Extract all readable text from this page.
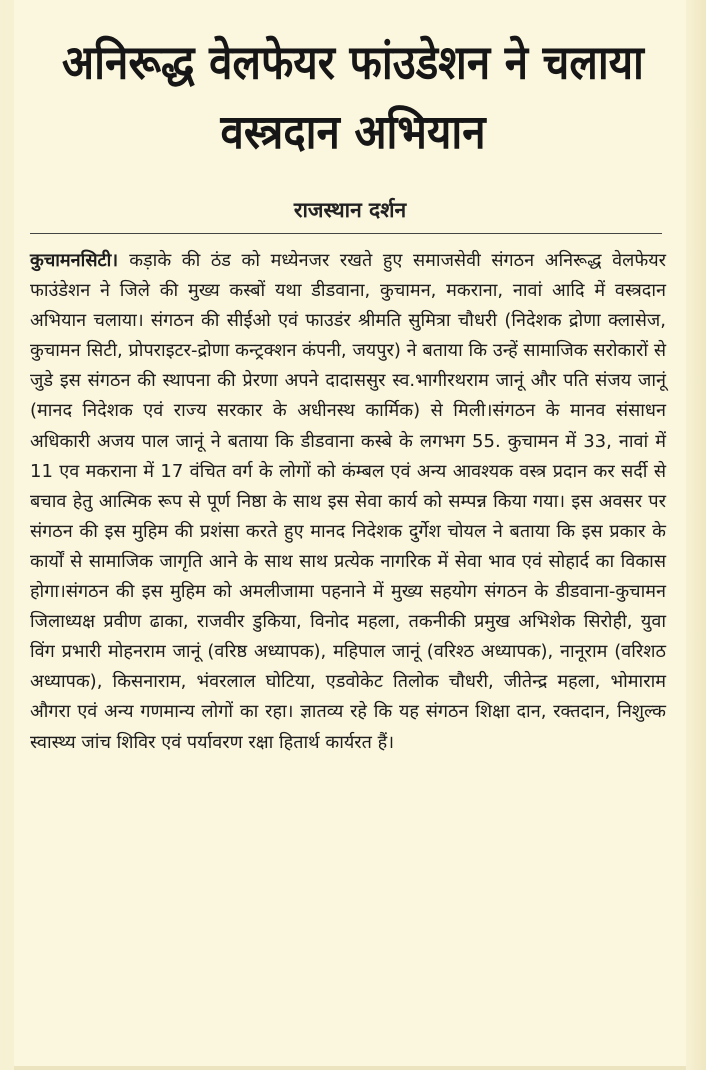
अनिरूद्ध वेलफेयर फांउडेशन ने चलाया वस्त्रदान अभियान
राजस्थान दर्शन

कुचामनसिटी। कड़ाके की ठंड को मध्येनजर रखते हुए समाजसेवी संगठन अनिरूद्ध वेलफेयर फाउंडेशन ने जिले की मुख्य कस्बों यथा डीडवाना, कुचामन, मकराना, नावां आदि में वस्त्रदान अभियान चलाया। संगठन की सीईओ एवं फाउडंर श्रीमति सुमित्रा चौधरी (निदेशक द्रोणा क्लासेज, कुचामन सिटी, प्रोपराइटर-द्रोणा कन्ट्रक्शन कंपनी, जयपुर) ने बताया कि उन्हें सामाजिक सरोकारों से जुडे इस संगठन की स्थापना की प्रेरणा अपने दादाससुर स्व.भागीरथराम जानूं और पति संजय जानूं (मानद निदेशक एवं राज्य सरकार के अधीनस्थ कार्मिक) से मिली।संगठन के मानव संसाधन अधिकारी अजय पाल जानूं ने बताया कि डीडवाना कस्बे के लगभग 55. कुचामन में 33, नावां में 11 एव मकराना में 17 वंचित वर्ग के लोगों को कंम्बल एवं अन्य आवश्यक वस्त्र प्रदान कर सर्दी से बचाव हेतु आत्मिक रूप से पूर्ण निष्ठा के साथ इस सेवा कार्य को सम्पन्न किया गया। इस अवसर पर संगठन की इस मुहिम की प्रशंसा करते हुए मानद निदेशक दुर्गेश चोयल ने बताया कि इस प्रकार के कार्यों से सामाजिक जागृति आने के साथ साथ प्रत्येक नागरिक में सेवा भाव एवं सोहार्द का विकास होगा।संगठन की इस मुहिम को अमलीजामा पहनाने में मुख्य सहयोग संगठन के डीडवाना-कुचामन जिलाध्यक्ष प्रवीण ढाका, राजवीर डुकिया, विनोद महला, तकनीकी प्रमुख अभिशेक सिरोही, युवा विंग प्रभारी मोहनराम जानूं (वरिष्ठ अध्यापक), महिपाल जानूं (वरिश्ठ अध्यापक), नानूराम (वरिशठ अध्यापक), किसनाराम, भंवरलाल घोटिया, एडवोकेट तिलोक चौधरी, जीतेन्द्र महला, भोमाराम औगरा एवं अन्य गणमान्य लोगों का रहा। ज्ञातव्य रहे कि यह संगठन शिक्षा दान, रक्तदान, निशुल्क स्वास्थ्य जांच शिविर एवं पर्यावरण रक्षा हितार्थ कार्यरत हैं।
